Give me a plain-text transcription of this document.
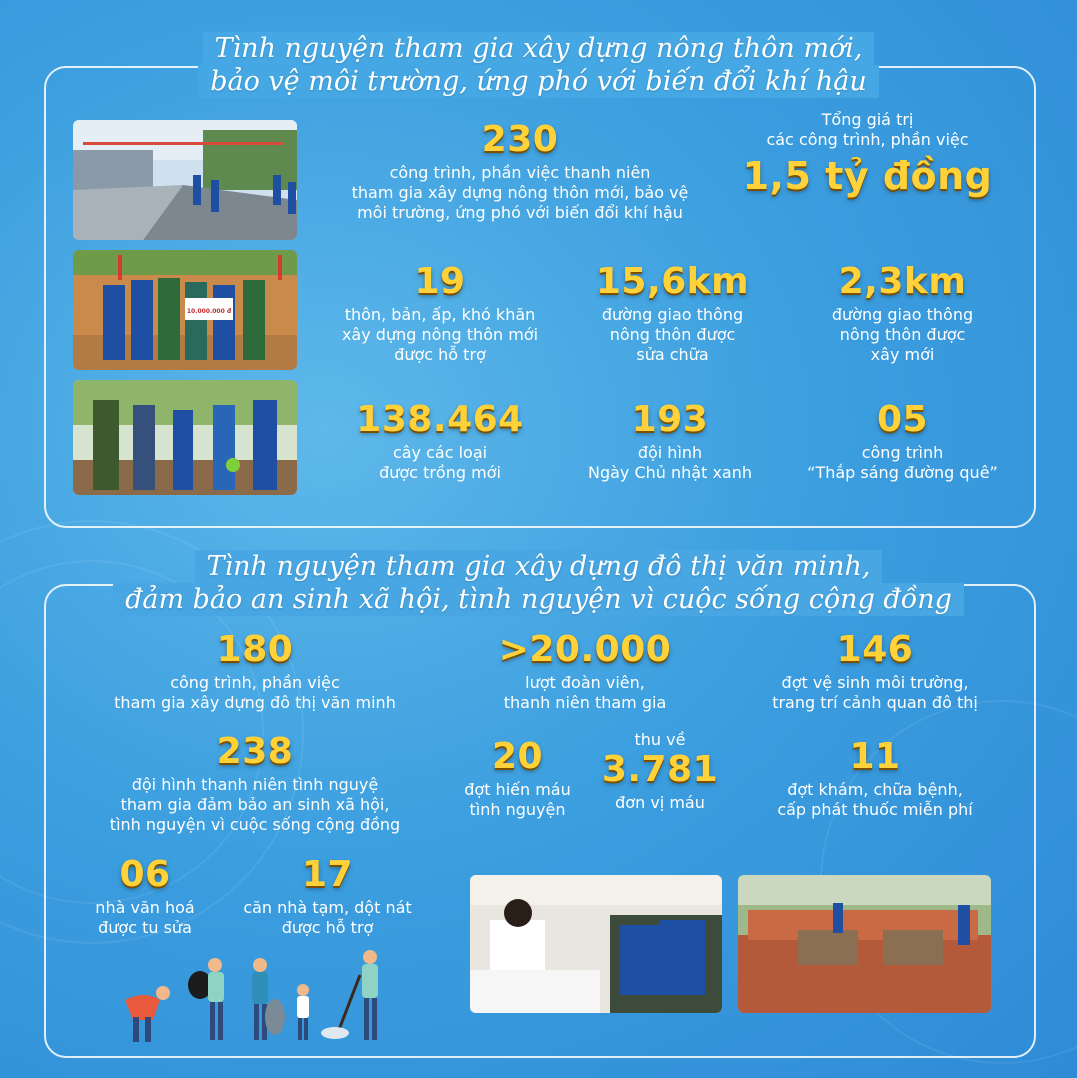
Tình nguyện tham gia xây dựng nông thôn mới, bảo vệ môi trường, ứng phó với biến đổi khí hậu
10.000.000 đ
230
công trình, phần việc thanh niên
tham gia xây dựng nông thôn mới, bảo vệ
môi trường, ứng phó với biến đổi khí hậu
Tổng giá trị
các công trình, phần việc
1,5 tỷ đồng
19
thôn, bản, ấp, khó khăn
xây dựng nông thôn mới
được hỗ trợ
15,6km
đường giao thông
nông thôn được
sửa chữa
2,3km
đường giao thông
nông thôn được
xây mới
138.464
cây các loại
được trồng mới
193
đội hình
Ngày Chủ nhật xanh
05
công trình
“Thắp sáng đường quê”
Tình nguyện tham gia xây dựng đô thị văn minh, đảm bảo an sinh xã hội, tình nguyện vì cuộc sống cộng đồng
180
công trình, phần việc
tham gia xây dựng đô thị văn minh
>20.000
lượt đoàn viên,
thanh niên tham gia
146
đợt vệ sinh môi trường,
trang trí cảnh quan đô thị
238
đội hình thanh niên tình nguyệ
tham gia đảm bảo an sinh xã hội,
tình nguyện vì cuộc sống cộng đồng
20
đợt hiến máu
tình nguyện
thu về
3.781
đơn vị máu
11
đợt khám, chữa bệnh,
cấp phát thuốc miễn phí
06
nhà văn hoá
được tu sửa
17
căn nhà tạm, dột nát
được hỗ trợ
